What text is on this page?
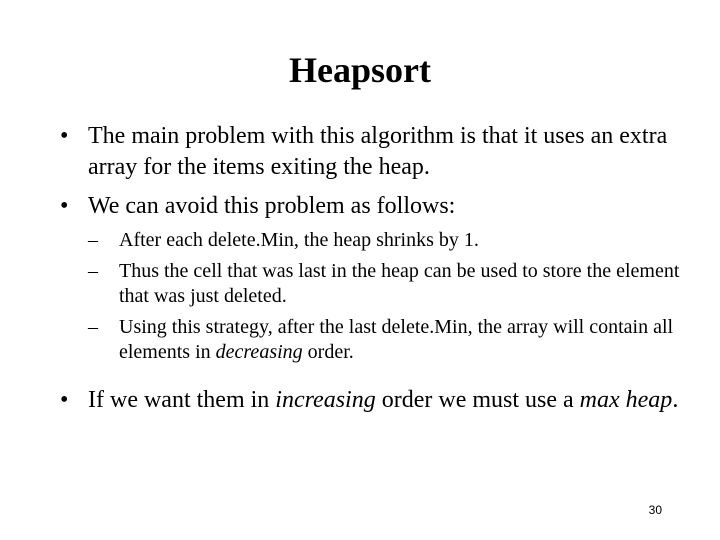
Heapsort
• The main problem with this algorithm is that it uses an extra array for the items exiting the heap.
• We can avoid this problem as follows:
–	After each delete.Min, the heap shrinks by 1.
–	Thus the cell that was last in the heap can be used to store the element that was just deleted.
–	Using this strategy, after the last delete.Min, the array will contain all elements in decreasing order.
• If we want them in increasing order we must use a max heap.
30
